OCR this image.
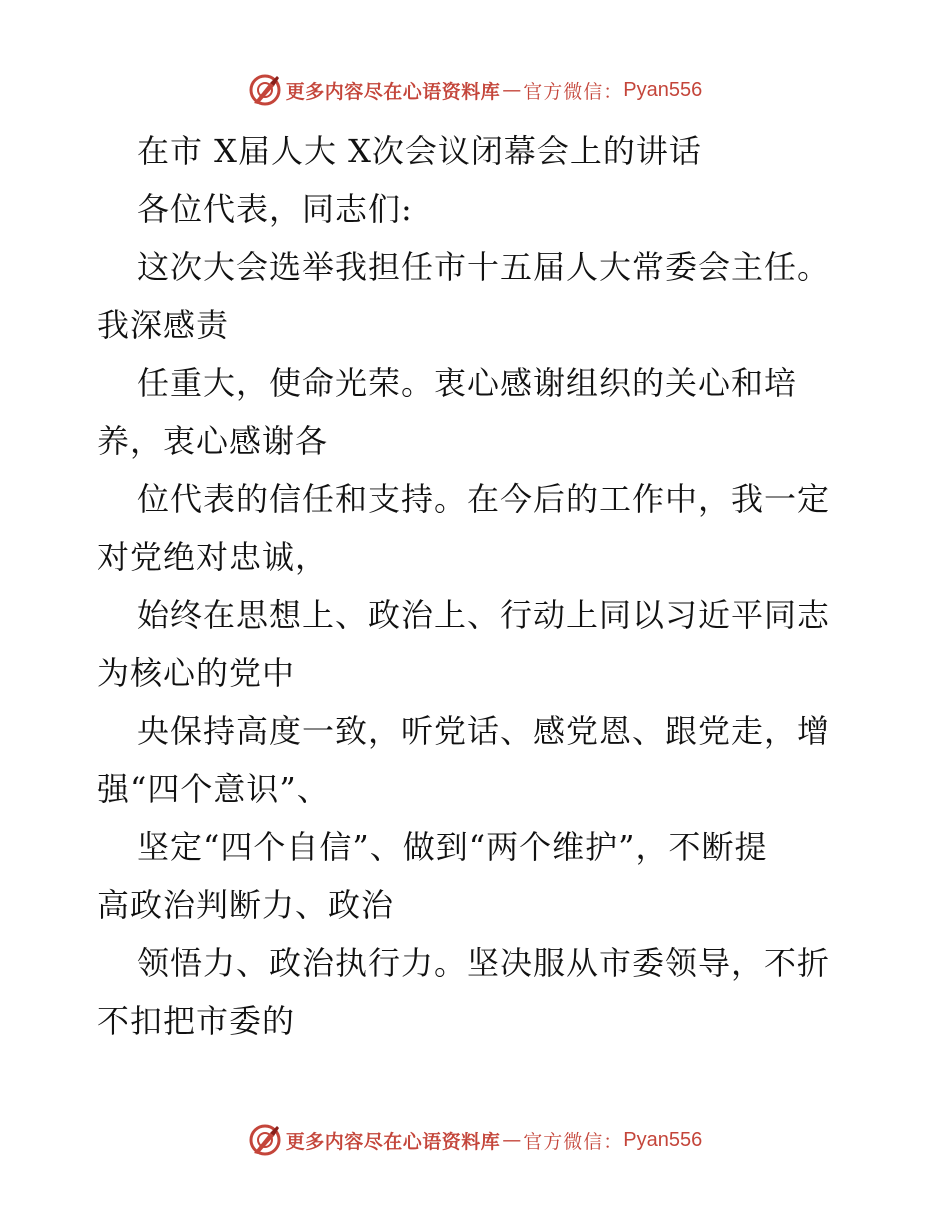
更多内容尽在心语资料库 — 官方微信： Pyan556
在市 X届人大 X次会议闭幕会上的讲话
各位代表，同志们:
这次大会选举我担任市十五届人大常委会主任。
我深感责
任重大，使命光荣。衷心感谢组织的关心和培
养，衷心感谢各
位代表的信任和支持。在今后的工作中，我一定
对党绝对忠诚，
始终在思想上、政治上、行动上同以习近平同志
为核心的党中
央保持高度一致，听党话、感党恩、跟党走，增
强“四个意识”、
坚定“四个自信”、做到“两个维护”，不断提
高政治判断力、政治
领悟力、政治执行力。坚决服从市委领导，不折
不扣把市委的
更多内容尽在心语资料库 — 官方微信： Pyan556
